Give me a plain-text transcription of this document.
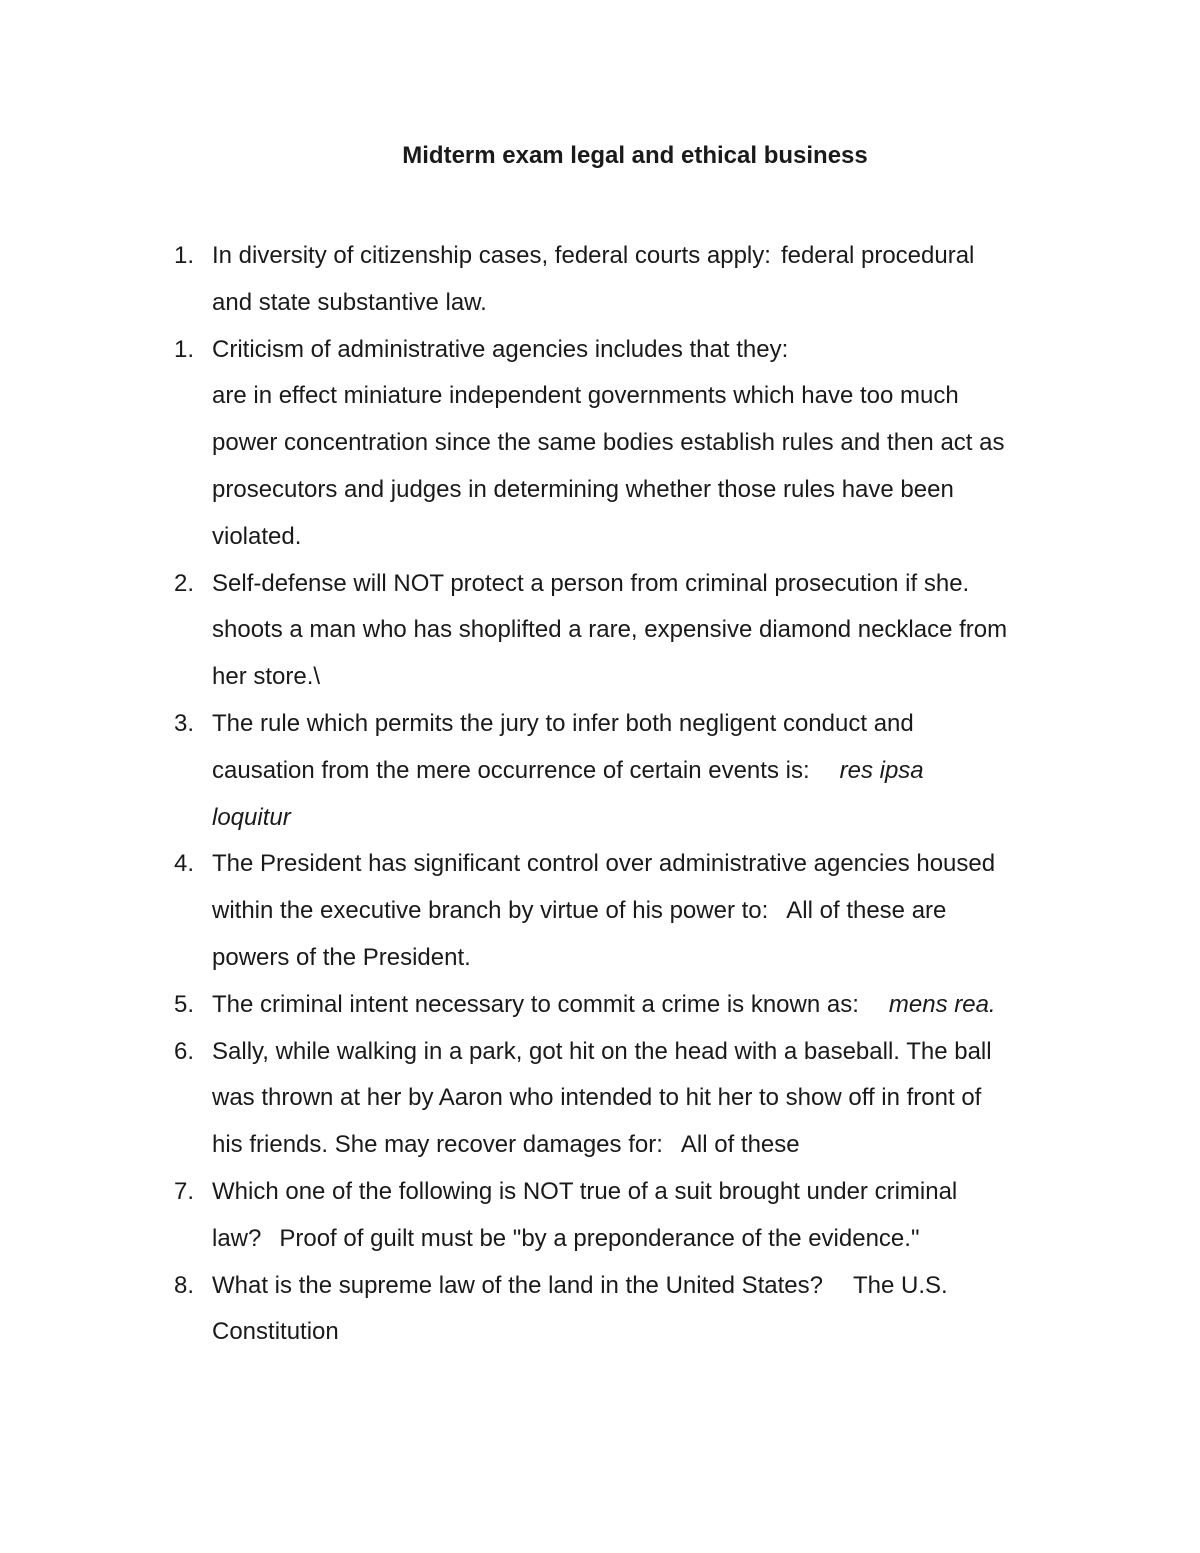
Midterm exam legal and ethical business
1. In diversity of citizenship cases, federal courts apply: federal procedural
and state substantive law.
1. Criticism of administrative agencies includes that they:
are in effect miniature independent governments which have too much
power concentration since the same bodies establish rules and then act as
prosecutors and judges in determining whether those rules have been
violated.
2. Self-defense will NOT protect a person from criminal prosecution if she.
shoots a man who has shoplifted a rare, expensive diamond necklace from
her store.\
3. The rule which permits the jury to infer both negligent conduct and
causation from the mere occurrence of certain events is: res ipsa
loquitur
4. The President has significant control over administrative agencies housed
within the executive branch by virtue of his power to: All of these are
powers of the President.
5. The criminal intent necessary to commit a crime is known as: mens rea.
6. Sally, while walking in a park, got hit on the head with a baseball. The ball
was thrown at her by Aaron who intended to hit her to show off in front of
his friends. She may recover damages for: All of these
7. Which one of the following is NOT true of a suit brought under criminal
law? Proof of guilt must be "by a preponderance of the evidence."
8. What is the supreme law of the land in the United States? The U.S.
Constitution
